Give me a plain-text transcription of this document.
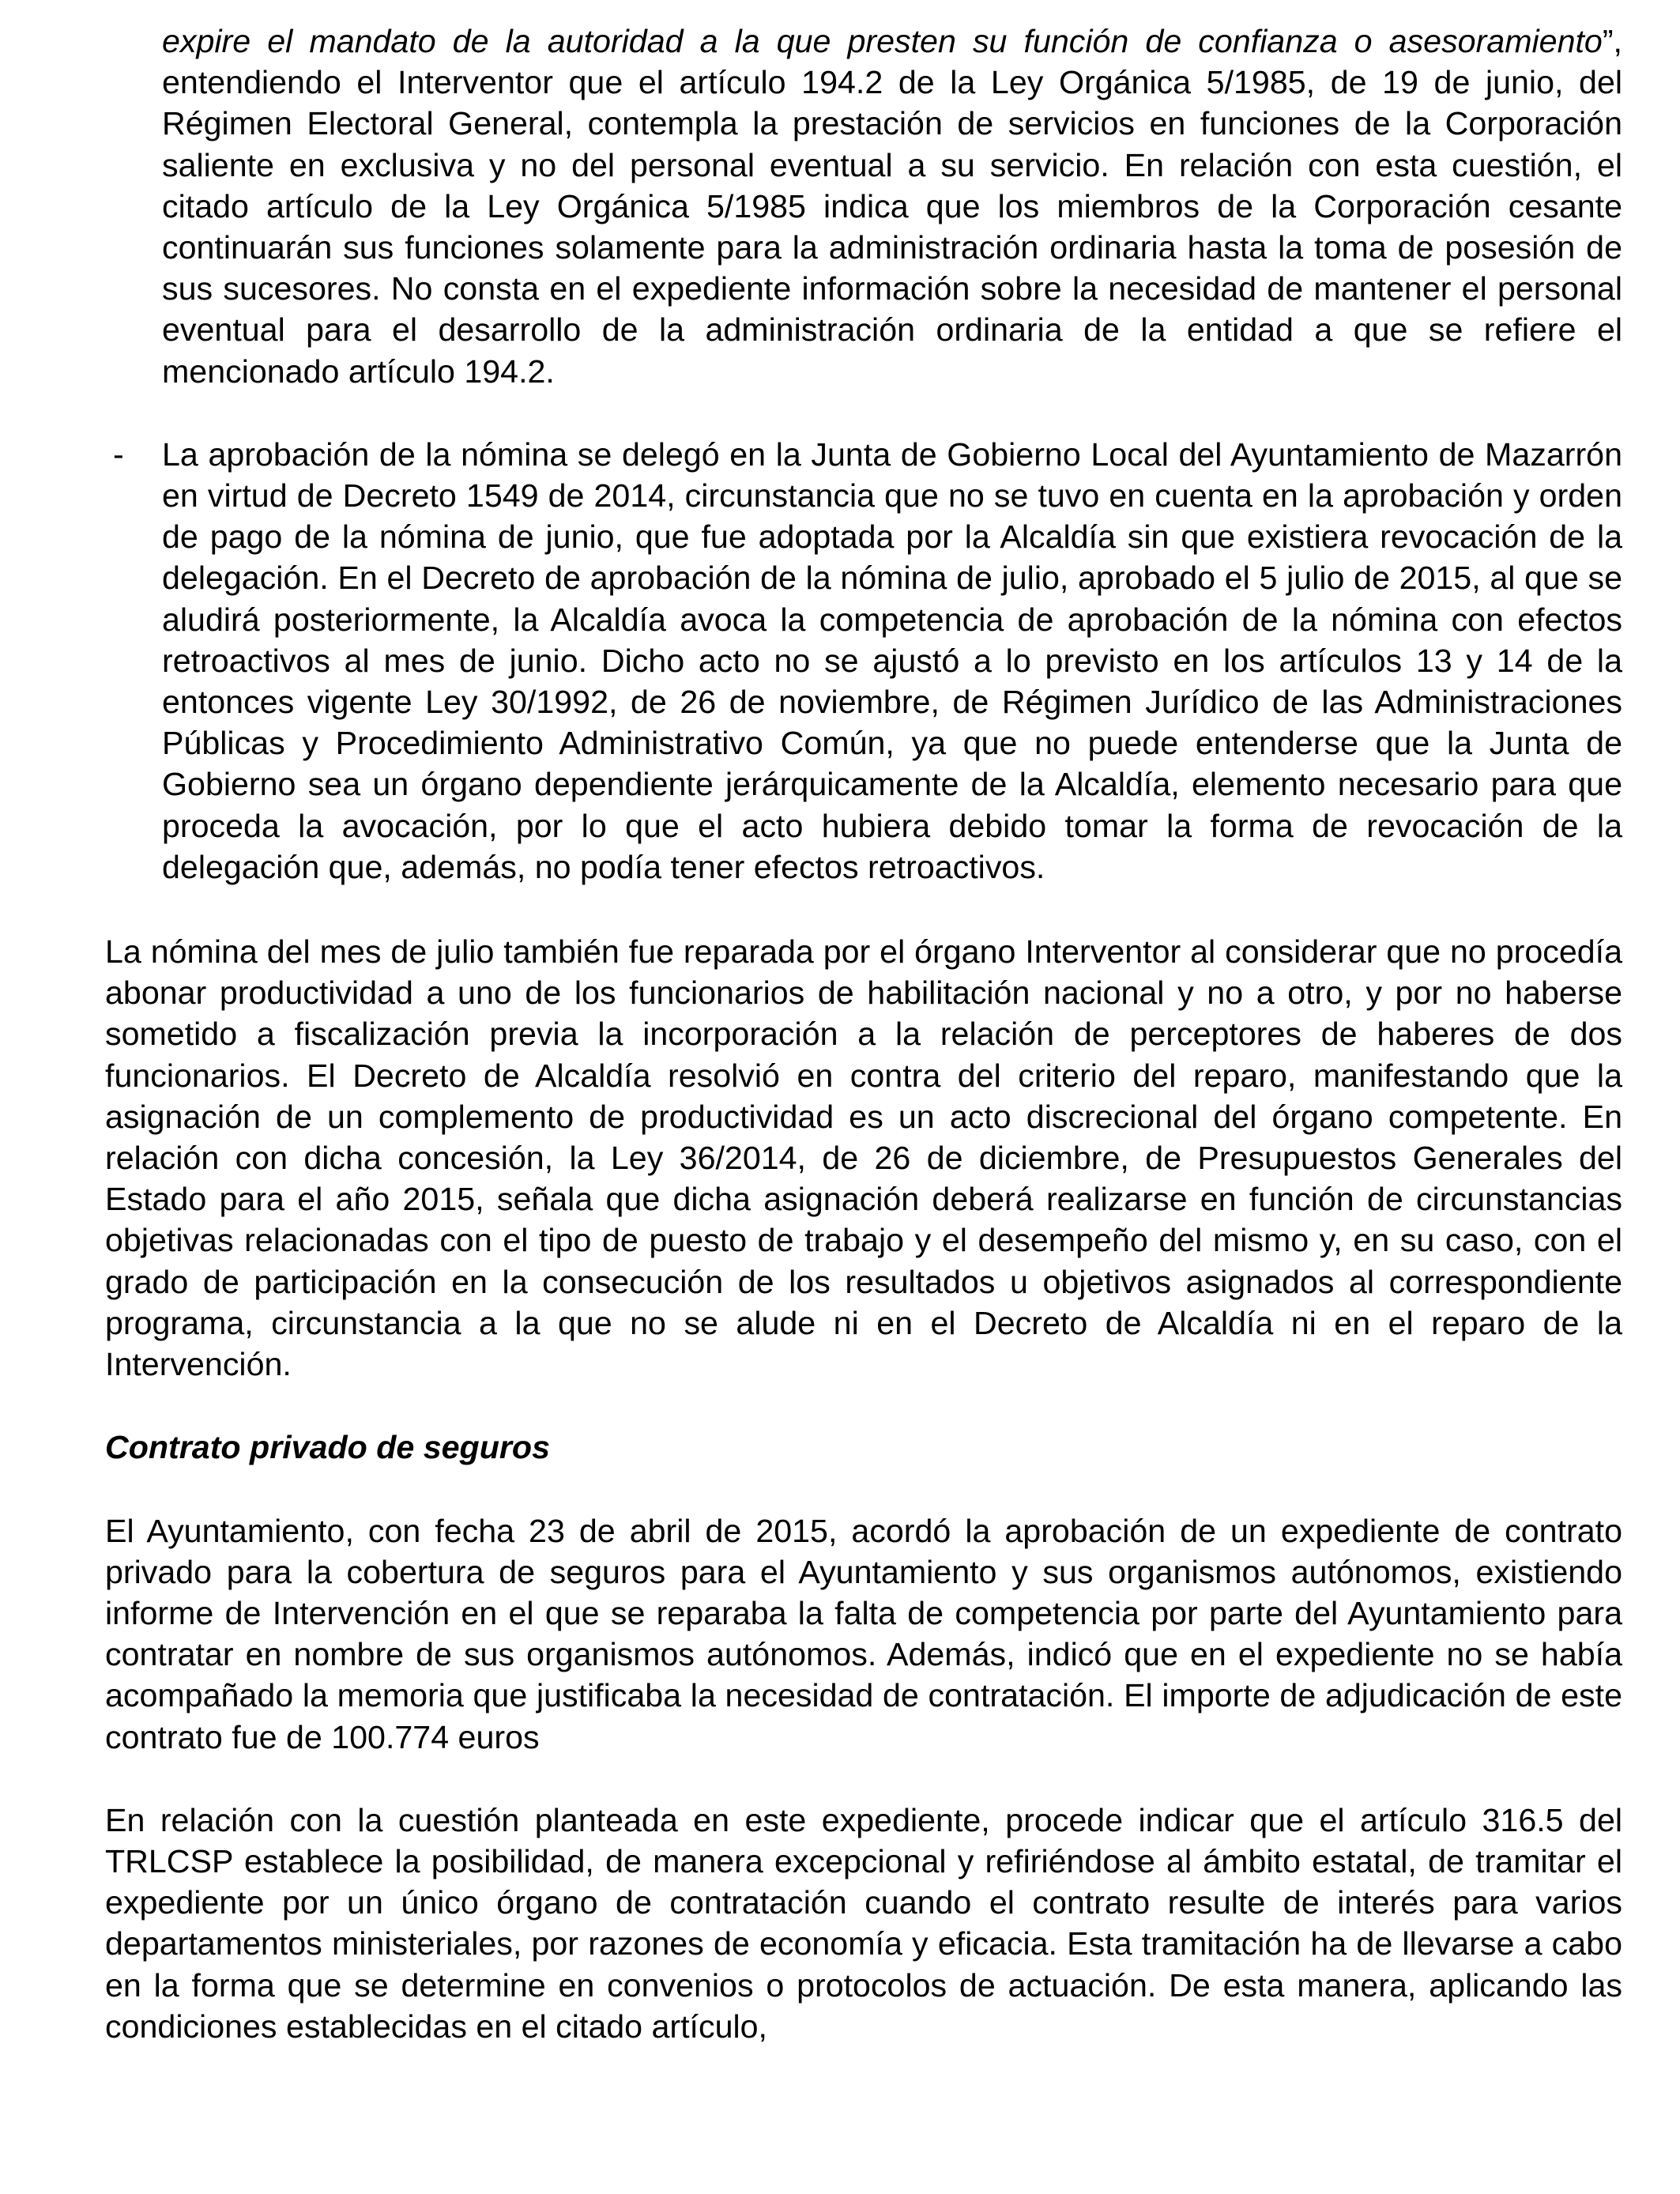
expire el mandato de la autoridad a la que presten su función de confianza o asesoramiento”, entendiendo el Interventor que el artículo 194.2 de la Ley Orgánica 5/1985, de 19 de junio, del Régimen Electoral General, contempla la prestación de servicios en funciones de la Corporación saliente en exclusiva y no del personal eventual a su servicio. En relación con esta cuestión, el citado artículo de la Ley Orgánica 5/1985 indica que los miembros de la Corporación cesante continuarán sus funciones solamente para la administración ordinaria hasta la toma de posesión de sus sucesores. No consta en el expediente información sobre la necesidad de mantener el personal eventual para el desarrollo de la administración ordinaria de la entidad a que se refiere el mencionado artículo 194.2.

- La aprobación de la nómina se delegó en la Junta de Gobierno Local del Ayuntamiento de Mazarrón en virtud de Decreto 1549 de 2014, circunstancia que no se tuvo en cuenta en la aprobación y orden de pago de la nómina de junio, que fue adoptada por la Alcaldía sin que existiera revocación de la delegación. En el Decreto de aprobación de la nómina de julio, aprobado el 5 julio de 2015, al que se aludirá posteriormente, la Alcaldía avoca la competencia de aprobación de la nómina con efectos retroactivos al mes de junio. Dicho acto no se ajustó a lo previsto en los artículos 13 y 14 de la entonces vigente Ley 30/1992, de 26 de noviembre, de Régimen Jurídico de las Administraciones Públicas y Procedimiento Administrativo Común, ya que no puede entenderse que la Junta de Gobierno sea un órgano dependiente jerárquicamente de la Alcaldía, elemento necesario para que proceda la avocación, por lo que el acto hubiera debido tomar la forma de revocación de la delegación que, además, no podía tener efectos retroactivos.

La nómina del mes de julio también fue reparada por el órgano Interventor al considerar que no procedía abonar productividad a uno de los funcionarios de habilitación nacional y no a otro, y por no haberse sometido a fiscalización previa la incorporación a la relación de perceptores de haberes de dos funcionarios. El Decreto de Alcaldía resolvió en contra del criterio del reparo, manifestando que la asignación de un complemento de productividad es un acto discrecional del órgano competente. En relación con dicha concesión, la Ley 36/2014, de 26 de diciembre, de Presupuestos Generales del Estado para el año 2015, señala que dicha asignación deberá realizarse en función de circunstancias objetivas relacionadas con el tipo de puesto de trabajo y el desempeño del mismo y, en su caso, con el grado de participación en la consecución de los resultados u objetivos asignados al correspondiente programa, circunstancia a la que no se alude ni en el Decreto de Alcaldía ni en el reparo de la Intervención.

Contrato privado de seguros

El Ayuntamiento, con fecha 23 de abril de 2015, acordó la aprobación de un expediente de contrato privado para la cobertura de seguros para el Ayuntamiento y sus organismos autónomos, existiendo informe de Intervención en el que se reparaba la falta de competencia por parte del Ayuntamiento para contratar en nombre de sus organismos autónomos. Además, indicó que en el expediente no se había acompañado la memoria que justificaba la necesidad de contratación. El importe de adjudicación de este contrato fue de 100.774 euros

En relación con la cuestión planteada en este expediente, procede indicar que el artículo 316.5 del TRLCSP establece la posibilidad, de manera excepcional y refiriéndose al ámbito estatal, de tramitar el expediente por un único órgano de contratación cuando el contrato resulte de interés para varios departamentos ministeriales, por razones de economía y eficacia. Esta tramitación ha de llevarse a cabo en la forma que se determine en convenios o protocolos de actuación. De esta manera, aplicando las condiciones establecidas en el citado artículo,
